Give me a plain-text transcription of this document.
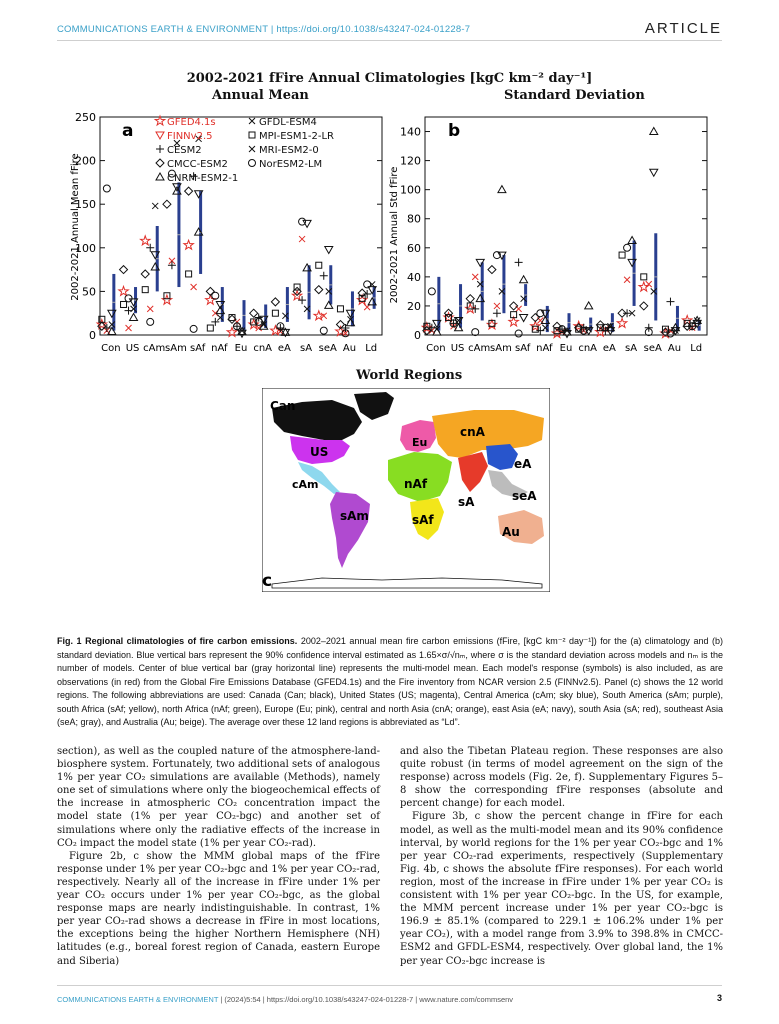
COMMUNICATIONS EARTH & ENVIRONMENT | https://doi.org/10.1038/s43247-024-01228-7	ARTICLE
2002-2021 fFire Annual Climatologies [kgC km⁻² day⁻¹]
Annual Mean	Standard Deviation
0
50
100
150
200
250
Con US cAm sAm sAf nAf Eu cnA eA sA seA Au Ld
a	GFED4.1s	GFDL-ESM4
FINNv2.5	MPI-ESM1-2-LR
CESM2	MRI-ESM2-0
CMCC-ESM2	NorESM2-LM
CNRM-ESM2-1
2002-2021 Annual Mean fFire
0
20
40
60
80
100
120
140
Con US cAm sAm sAf nAf Eu cnA eA sA seA Au Ld
b
2002-2021 Annual Std fFire
World Regions
Can
US
cAm
sAm
Eu
nAf
sAf
cnA
eA
sA	seA
Au
c
Fig. 1 Regional climatologies of fire carbon emissions. 2002–2021 annual mean fire carbon emissions (fFire, [kgC km⁻² day⁻¹]) for the (a) climatology and (b) standard deviation. Blue vertical bars represent the 90% confidence interval estimated as 1.65×σ/√nₘ, where σ is the standard deviation across models and nₘ is the number of models. Center of blue vertical bar (gray horizontal line) represents the multi-model mean. Each model's response (symbols) is also included, as are observations (in red) from the Global Fire Emissions Database (GFED4.1s) and the Fire inventory from NCAR version 2.5 (FINNv2.5). Panel (c) shows the 12 world regions. The following abbreviations are used: Canada (Can; black), United States (US; magenta), Central America (cAm; sky blue), South America (sAm; purple), south Africa (sAf; yellow), north Africa (nAf; green), Europe (Eu; pink), central and north Asia (cnA; orange), east Asia (eA; navy), south Asia (sA; red), southeast Asia (seA; gray), and Australia (Au; beige). The average over these 12 land regions is abbreviated as “Ld”.

section), as well as the coupled nature of the atmosphere-land-biosphere system. Fortunately, two additional sets of analogous 1% per year CO₂ simulations are available (Methods), namely one set of simulations where only the biogeochemical effects of the increase in atmospheric CO₂ concentration impact the model state (1% per year CO₂-bgc) and another set of simulations where only the radiative effects of the increase in CO₂ impact the model state (1% per year CO₂-rad).

Figure 2b, c show the MMM global maps of the fFire response under 1% per year CO₂-bgc and 1% per year CO₂-rad, respectively. Nearly all of the increase in fFire under 1% per year CO₂ occurs under 1% per year CO₂-bgc, as the global response maps are nearly indistinguishable. In contrast, 1% per year CO₂-rad shows a decrease in fFire in most locations, the exceptions being the higher Northern Hemisphere (NH) latitudes (e.g., boreal forest region of Canada, eastern Europe and Siberia)

and also the Tibetan Plateau region. These responses are also quite robust (in terms of model agreement on the sign of the response) across models (Fig. 2e, f). Supplementary Figures 5–8 show the corresponding fFire responses (absolute and percent change) for each model.

Figure 3b, c show the percent change in fFire for each model, as well as the multi-model mean and its 90% confidence interval, by world regions for the 1% per year CO₂-bgc and 1% per year CO₂-rad experiments, respectively (Supplementary Fig. 4b, c shows the absolute fFire responses). For each world region, most of the increase in fFire under 1% per year CO₂ is consistent with 1% per year CO₂-bgc. In the US, for example, the MMM percent increase under 1% per year CO₂-bgc is 196.9 ± 85.1% (compared to 229.1 ± 106.2% under 1% per year CO₂), with a model range from 3.9% to 398.8% in CMCC-ESM2 and GFDL-ESM4, respectively. Over global land, the 1% per year CO₂-bgc increase is

COMMUNICATIONS EARTH & ENVIRONMENT | (2024)5:54 | https://doi.org/10.1038/s43247-024-01228-7 | www.nature.com/commsenv	3
